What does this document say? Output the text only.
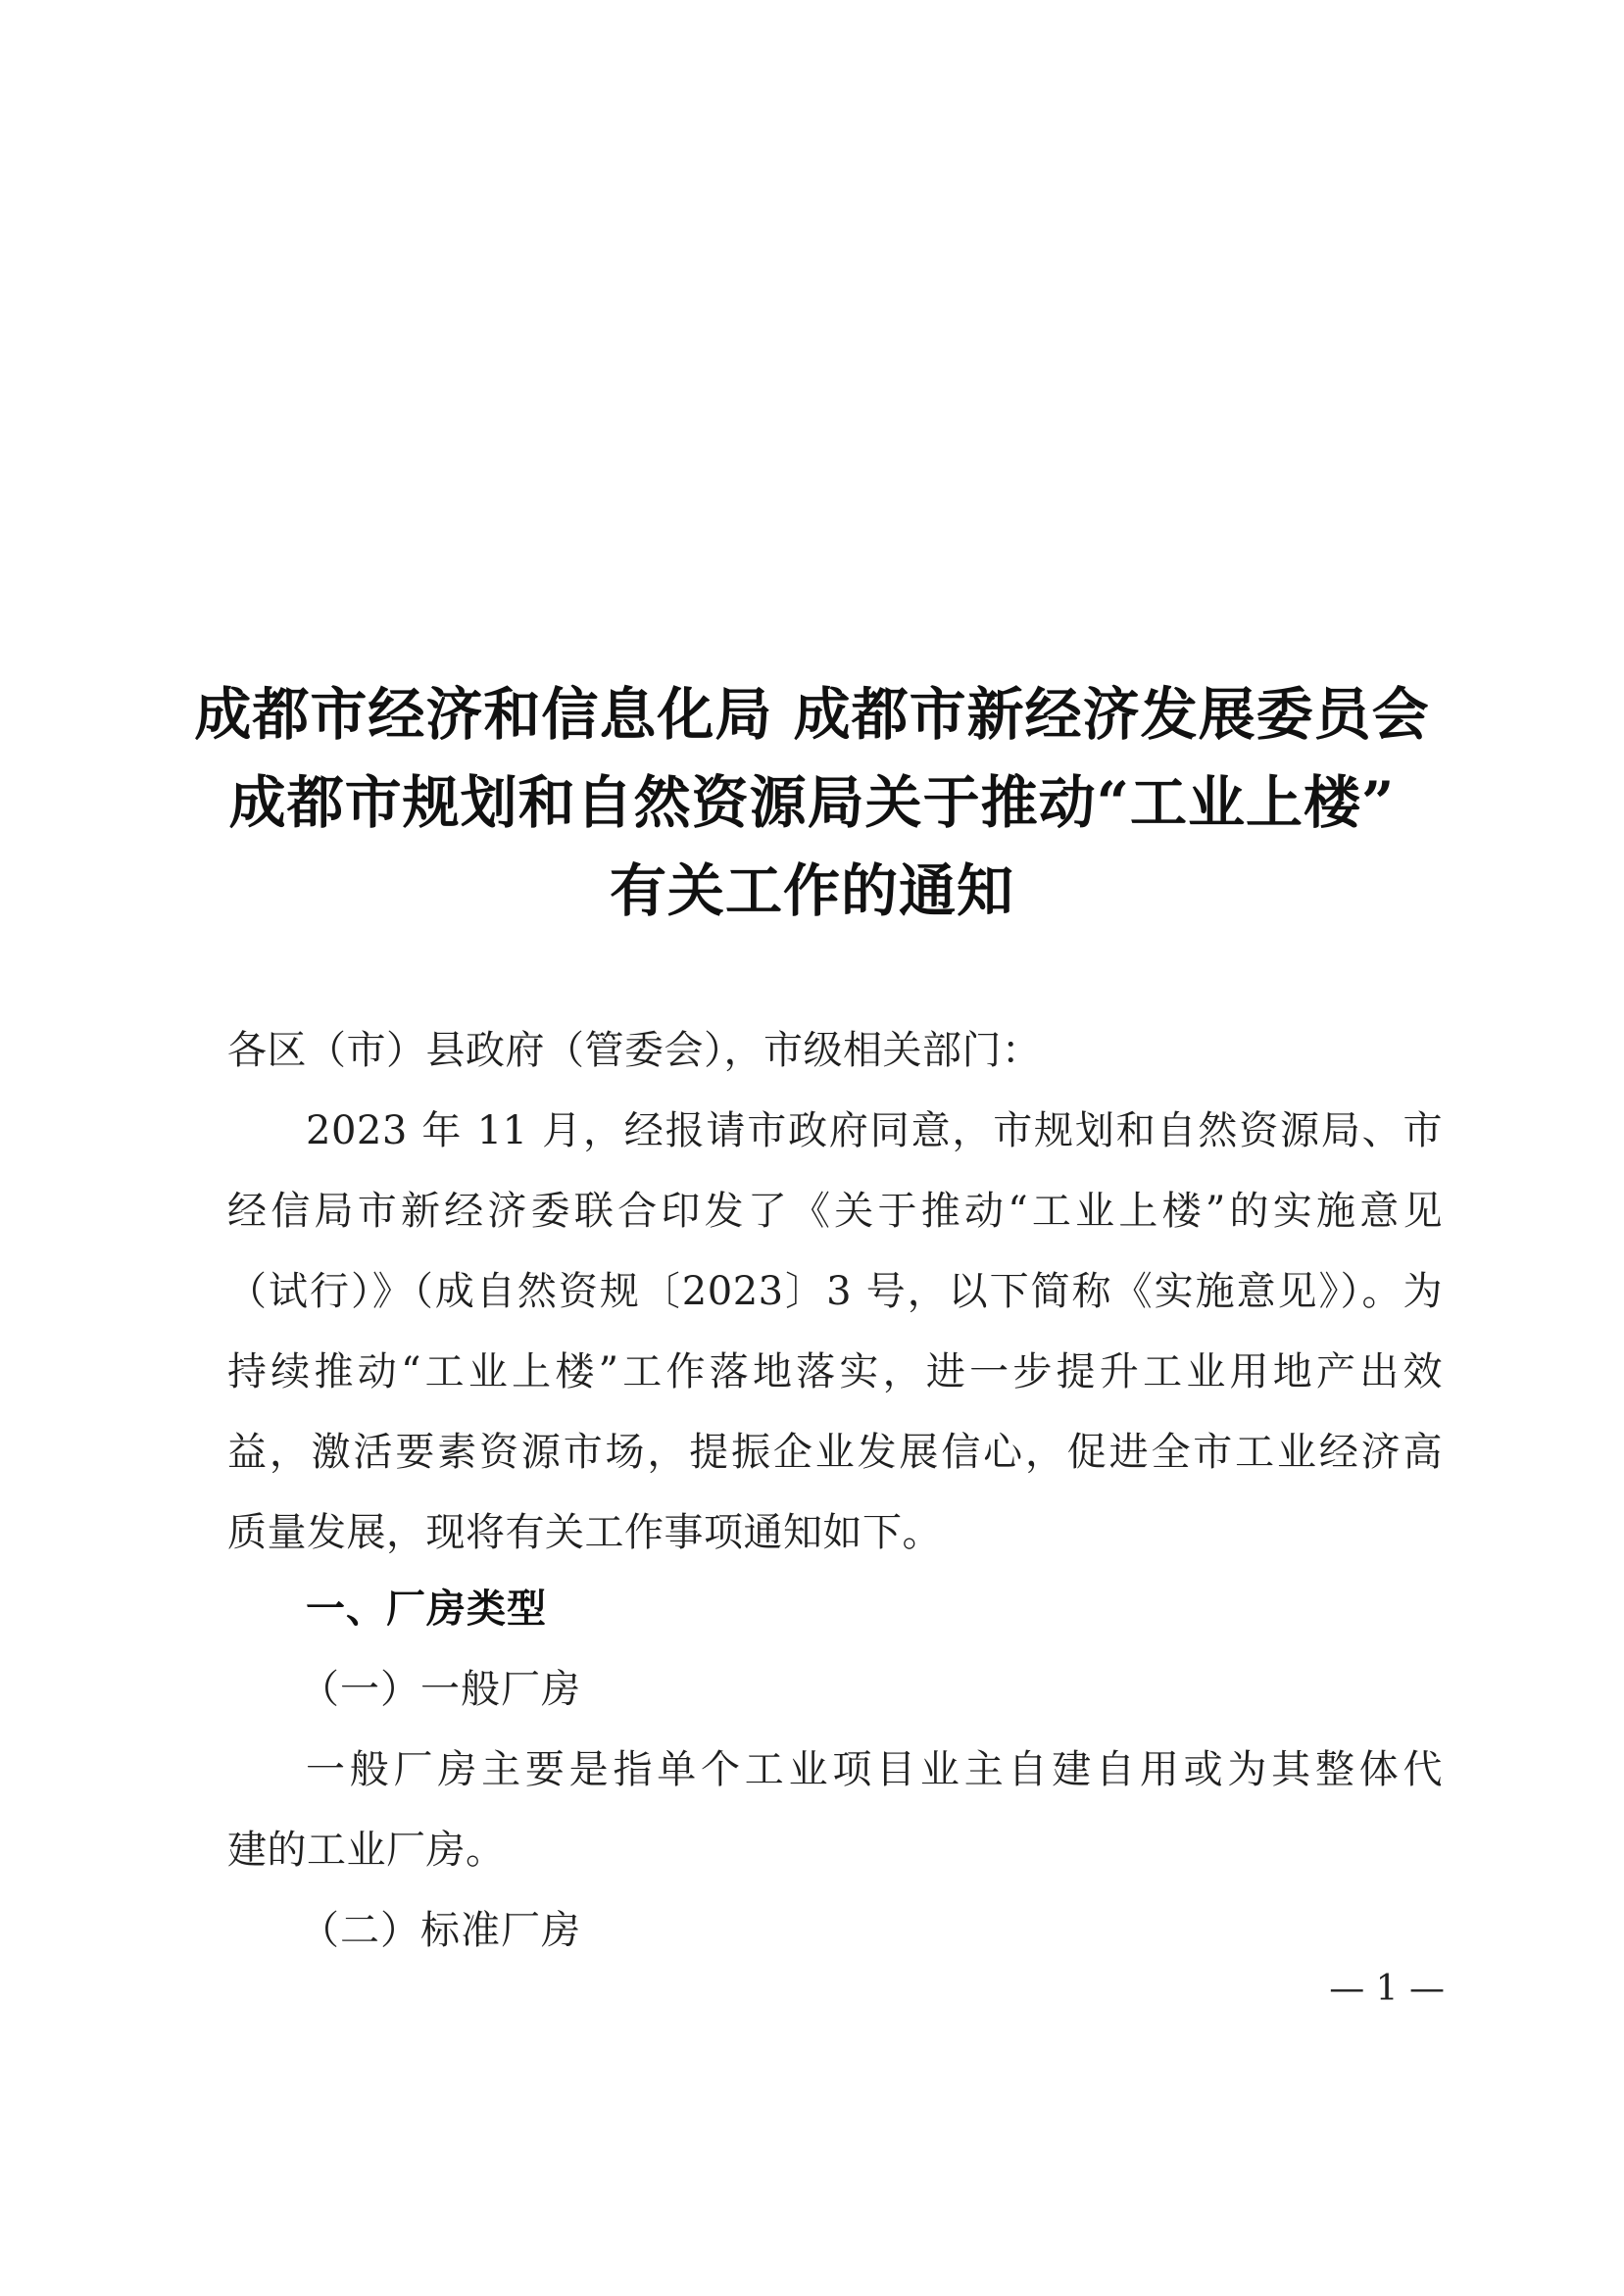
成都市经济和信息化局 成都市新经济发展委员会
成都市规划和自然资源局关于推动“工业上楼”
有关工作的通知
各区（市）县政府（管委会），市级相关部门：
2023 年 11 月，经报请市政府同意，市规划和自然资源局、市
经信局市新经济委联合印发了《关于推动“工业上楼”的实施意见
（试行）》（成自然资规〔2023〕3 号，以下简称《实施意见》）。为
持续推动“工业上楼”工作落地落实，进一步提升工业用地产出效
益，激活要素资源市场，提振企业发展信心，促进全市工业经济高
质量发展，现将有关工作事项通知如下。
一、厂房类型
（一）一般厂房
一般厂房主要是指单个工业项目业主自建自用或为其整体代
建的工业厂房。
（二）标准厂房
— 1 —
